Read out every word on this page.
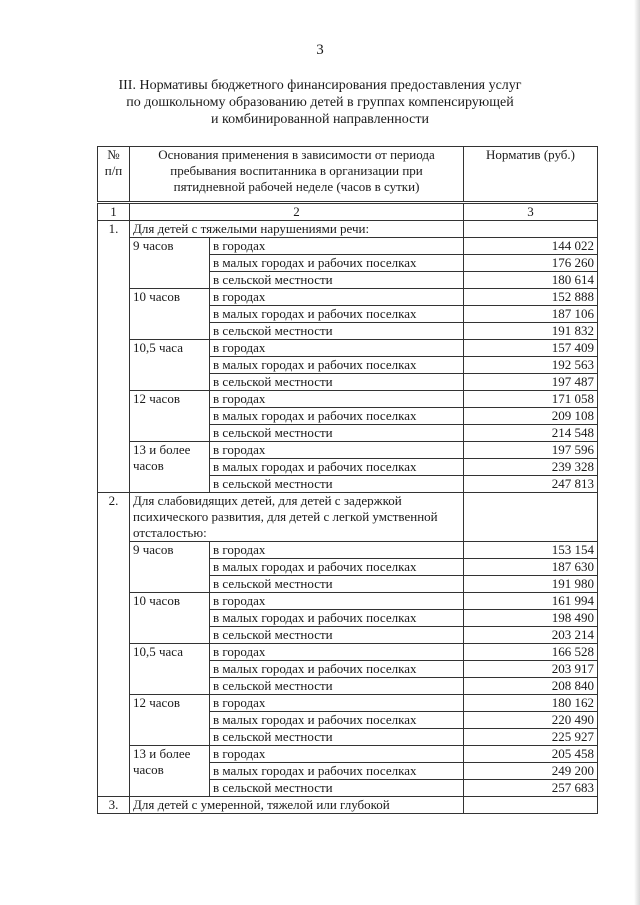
3
III. Нормативы бюджетного финансирования предоставления услуг
по дошкольному образованию детей в группах компенсирующей
и комбинированной направленности
№ п/п	Основания применения в зависимости от периода пребывания воспитанника в организации при пятидневной рабочей неделе (часов в сутки)		Норматив (руб.)
1	2		3
1.	Для детей с тяжелыми нарушениями речи:		
	9 часов	в городах	144 022
		в малых городах и рабочих поселках	176 260
		в сельской местности	180 614
	10 часов	в городах	152 888
		в малых городах и рабочих поселках	187 106
		в сельской местности	191 832
	10,5 часа	в городах	157 409
		в малых городах и рабочих поселках	192 563
		в сельской местности	197 487
	12 часов	в городах	171 058
		в малых городах и рабочих поселках	209 108
		в сельской местности	214 548
	13 и более часов	в городах	197 596
		в малых городах и рабочих поселках	239 328
		в сельской местности	247 813
2.	Для слабовидящих детей, для детей с задержкой психического развития, для детей с легкой умственной отсталостью:		
	9 часов	в городах	153 154
		в малых городах и рабочих поселках	187 630
		в сельской местности	191 980
	10 часов	в городах	161 994
		в малых городах и рабочих поселках	198 490
		в сельской местности	203 214
	10,5 часа	в городах	166 528
		в малых городах и рабочих поселках	203 917
		в сельской местности	208 840
	12 часов	в городах	180 162
		в малых городах и рабочих поселках	220 490
		в сельской местности	225 927
	13 и более часов	в городах	205 458
		в малых городах и рабочих поселках	249 200
		в сельской местности	257 683
3.	Для детей с умеренной, тяжелой или глубокой		
